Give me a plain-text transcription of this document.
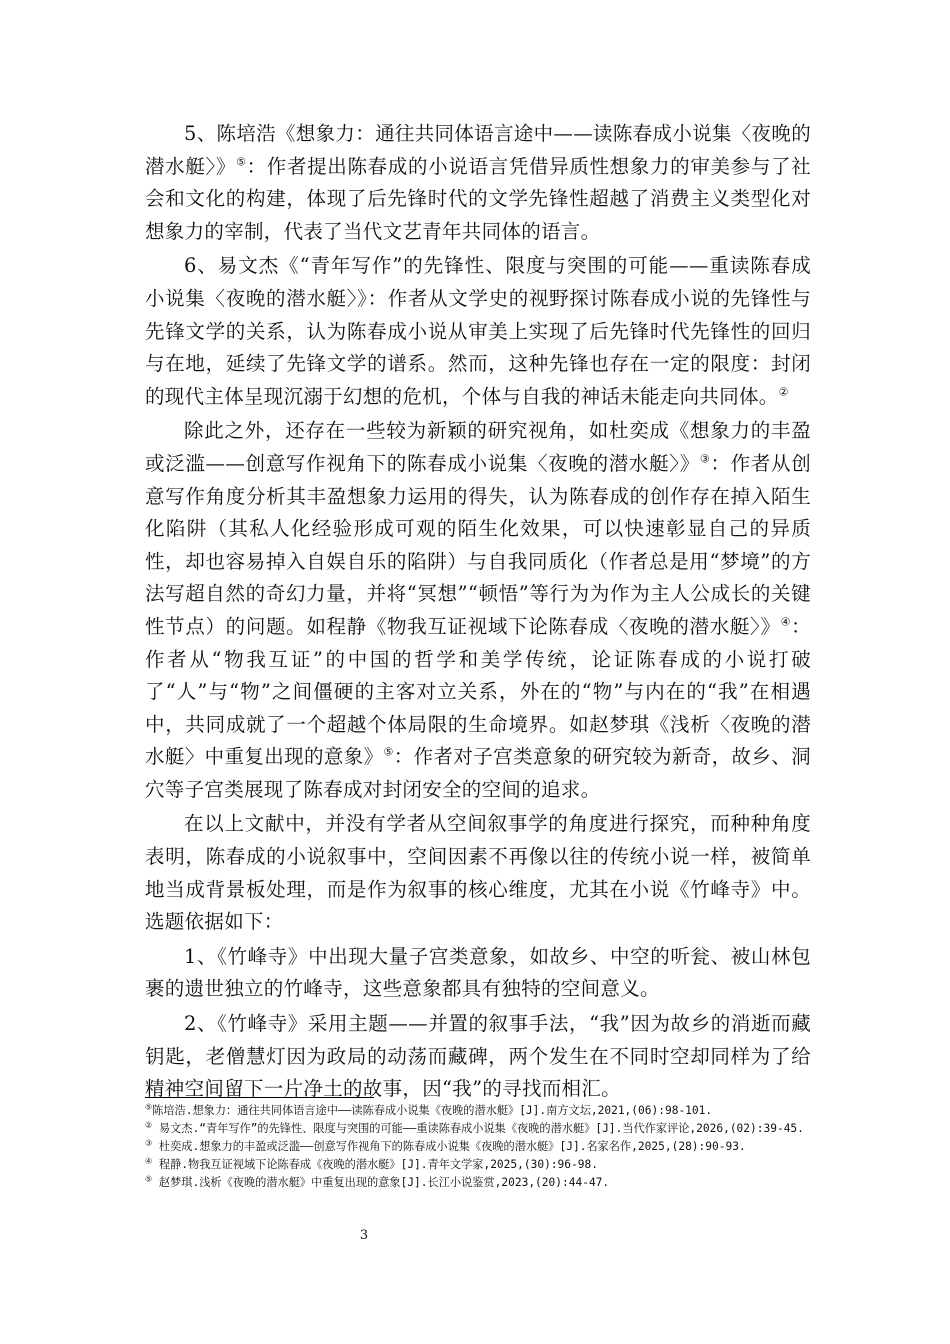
5、陈培浩《想象力：通往共同体语言途中——读陈春成小说集〈夜晚的潜水艇〉》⑤：作者提出陈春成的小说语言凭借异质性想象力的审美参与了社会和文化的构建，体现了后先锋时代的文学先锋性超越了消费主义类型化对想象力的宰制，代表了当代文艺青年共同体的语言。

6、易文杰《“青年写作”的先锋性、限度与突围的可能——重读陈春成小说集〈夜晚的潜水艇〉》：作者从文学史的视野探讨陈春成小说的先锋性与先锋文学的关系，认为陈春成小说从审美上实现了后先锋时代先锋性的回归与在地，延续了先锋文学的谱系。然而，这种先锋也存在一定的限度：封闭的现代主体呈现沉溺于幻想的危机，个体与自我的神话未能走向共同体。②

除此之外，还存在一些较为新颖的研究视角，如杜奕成《想象力的丰盈或泛滥——创意写作视角下的陈春成小说集〈夜晚的潜水艇〉》③：作者从创意写作角度分析其丰盈想象力运用的得失，认为陈春成的创作存在掉入陌生化陷阱（其私人化经验形成可观的陌生化效果，可以快速彰显自己的异质性，却也容易掉入自娱自乐的陷阱）与自我同质化（作者总是用“梦境”的方法写超自然的奇幻力量，并将“冥想”“顿悟”等行为为作为主人公成长的关键性节点）的问题。如程静《物我互证视域下论陈春成〈夜晚的潜水艇〉》④：作者从“物我互证”的中国的哲学和美学传统，论证陈春成的小说打破了“人”与“物”之间僵硬的主客对立关系，外在的“物”与内在的“我”在相遇中，共同成就了一个超越个体局限的生命境界。如赵梦琪《浅析〈夜晚的潜水艇〉中重复出现的意象》⑤：作者对子宫类意象的研究较为新奇，故乡、洞穴等子宫类展现了陈春成对封闭安全的空间的追求。

在以上文献中，并没有学者从空间叙事学的角度进行探究，而种种角度表明，陈春成的小说叙事中，空间因素不再像以往的传统小说一样，被简单地当成背景板处理，而是作为叙事的核心维度，尤其在小说《竹峰寺》中。选题依据如下：

1、《竹峰寺》中出现大量子宫类意象，如故乡、中空的听瓮、被山林包裹的遗世独立的竹峰寺，这些意象都具有独特的空间意义。

2、《竹峰寺》采用主题——并置的叙事手法，“我”因为故乡的消逝而藏钥匙，老僧慧灯因为政局的动荡而藏碑，两个发生在不同时空却同样为了给精神空间留下一片净土的故事，因“我”的寻找而相汇。

⑤陈培浩.想象力：通往共同体语言途中——读陈春成小说集《夜晚的潜水艇》[J].南方文坛,2021,(06):98-101.
② 易文杰.“青年写作”的先锋性、限度与突围的可能——重读陈春成小说集《夜晚的潜水艇》[J].当代作家评论,2026,(02):39-45.
③ 杜奕成.想象力的丰盈或泛滥——创意写作视角下的陈春成小说集《夜晚的潜水艇》[J].名家名作,2025,(28):90-93.
④ 程静.物我互证视域下论陈春成《夜晚的潜水艇》[J].青年文学家,2025,(30):96-98.
⑤ 赵梦琪.浅析《夜晚的潜水艇》中重复出现的意象[J].长江小说鉴赏,2023,(20):44-47.
3
